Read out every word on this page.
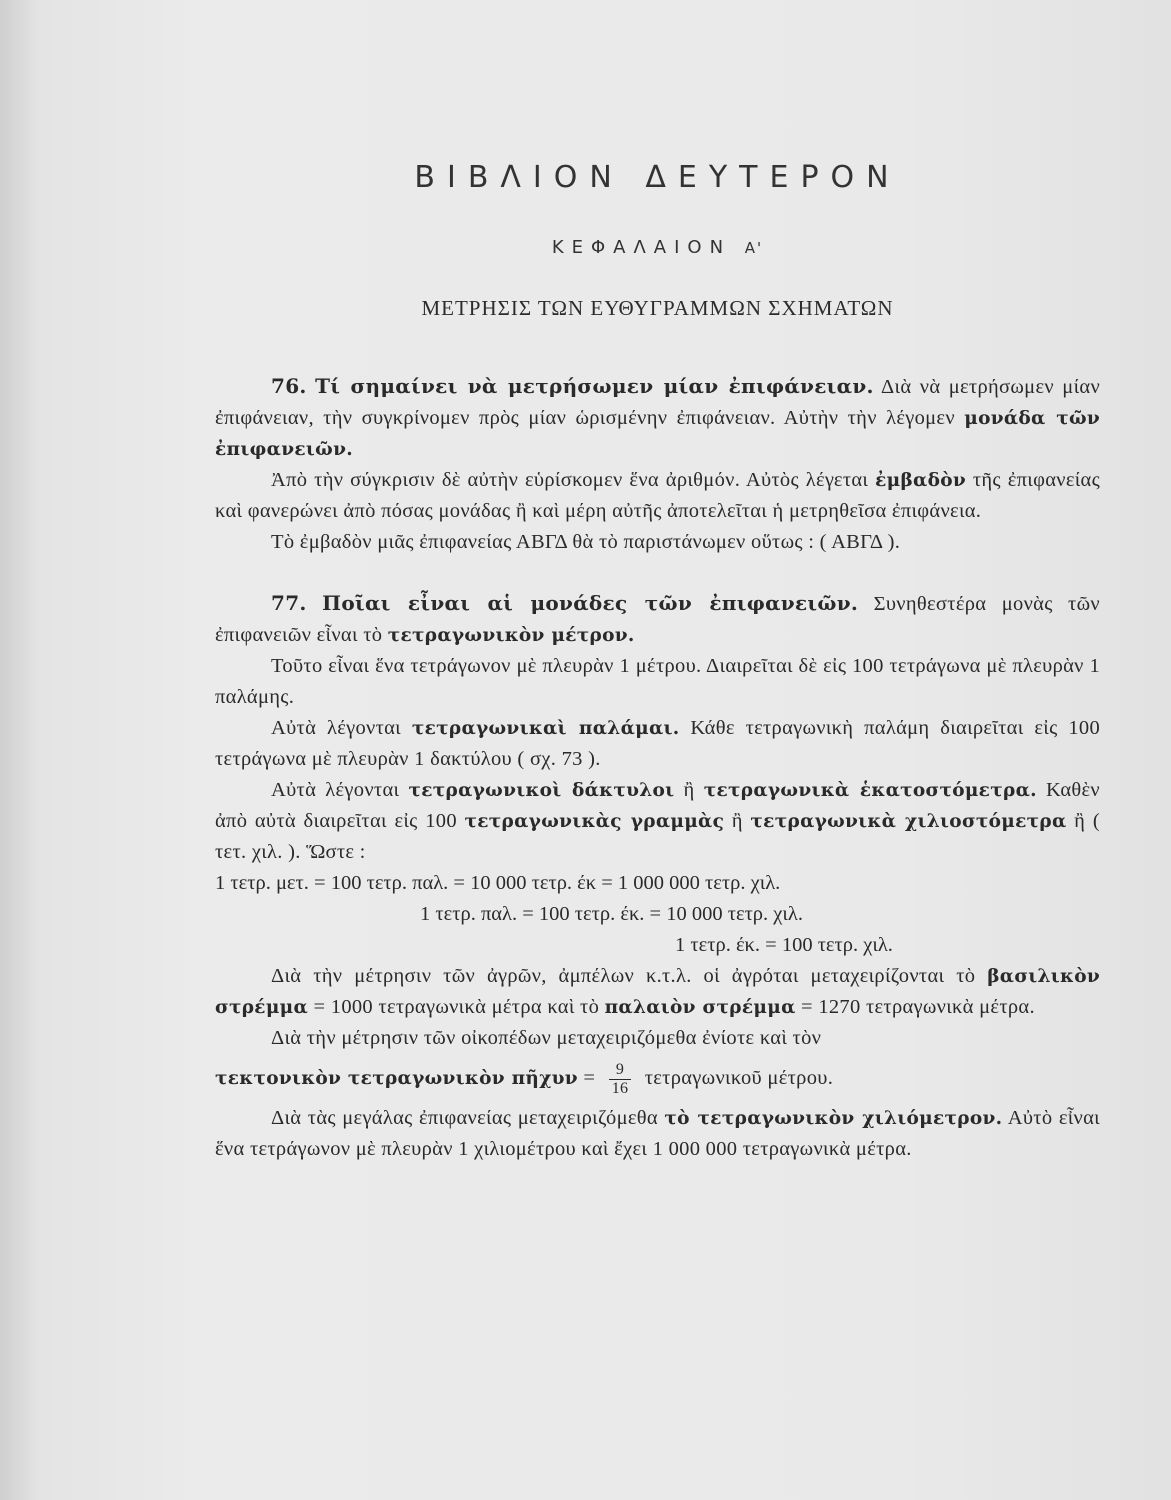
ΒΙΒΛΙΟΝ ΔΕΥΤΕΡΟΝ
ΚΕΦΑΛΑΙΟΝ Α'
ΜΕΤΡΗΣΙΣ ΤΩΝ ΕΥΘΥΓΡΑΜΜΩΝ ΣΧΗΜΑΤΩΝ

76. Τί σημαίνει νὰ μετρήσωμεν μίαν ἐπιφάνειαν. Διὰ νὰ μετρήσωμεν μίαν ἐπιφάνειαν, τὴν συγκρίνομεν πρὸς μίαν ὡρισμένην ἐπιφάνειαν. Αὐτὴν τὴν λέγομεν μονάδα τῶν ἐπιφανειῶν.

Ἀπὸ τὴν σύγκρισιν δὲ αὐτὴν εὑρίσκομεν ἕνα ἀριθμόν. Αὐτὸς λέγεται ἐμβαδὸν τῆς ἐπιφανείας καὶ φανερώνει ἀπὸ πόσας μονάδας ἢ καὶ μέρη αὐτῆς ἀποτελεῖται ἡ μετρηθεῖσα ἐπιφάνεια.

Τὸ ἐμβαδὸν μιᾶς ἐπιφανείας ΑΒΓΔ θὰ τὸ παριστάνωμεν οὕτως : ( ΑΒΓΔ ).

77. Ποῖαι εἶναι αἱ μονάδες τῶν ἐπιφανειῶν. Συνηθεστέρα μονὰς τῶν ἐπιφανειῶν εἶναι τὸ τετραγωνικὸν μέτρον.

Τοῦτο εἶναι ἕνα τετράγωνον μὲ πλευρὰν 1 μέτρου. Διαιρεῖται δὲ εἰς 100 τετράγωνα μὲ πλευρὰν 1 παλάμης.

Αὐτὰ λέγονται τετραγωνικαὶ παλάμαι. Κάθε τετραγωνικὴ παλάμη διαιρεῖται εἰς 100 τετράγωνα μὲ πλευρὰν 1 δακτύλου ( σχ. 73 ).

Αὐτὰ λέγονται τετραγωνικοὶ δάκτυλοι ἢ τετραγωνικὰ ἑκατοστόμετρα. Καθὲν ἀπὸ αὐτὰ διαιρεῖται εἰς 100 τετραγωνικὰς γραμμὰς ἢ τετραγωνικὰ χιλιοστόμετρα ἢ ( τετ. χιλ. ). Ὥστε :

1 τετρ. μετ. = 100 τετρ. παλ. = 10 000 τετρ. έκ = 1 000 000 τετρ. χιλ.
1 τετρ. παλ. = 100 τετρ. έκ. = 10 000 τετρ. χιλ.
1 τετρ. έκ. = 100 τετρ. χιλ.

Διὰ τὴν μέτρησιν τῶν ἀγρῶν, ἀμπέλων κ.τ.λ. οἱ ἀγρόται μεταχειρίζονται τὸ βασιλικὸν στρέμμα = 1000 τετραγωνικὰ μέτρα καὶ τὸ παλαιὸν στρέμμα = 1270 τετραγωνικὰ μέτρα.

Διὰ τὴν μέτρησιν τῶν οἰκοπέδων μεταχειριζόμεθα ἐνίοτε καὶ τὸν

τεκτονικὸν τετραγωνικὸν πῆχυν = $\frac{9}{16}$ τετραγωνικοῦ μέτρου.

Διὰ τὰς μεγάλας ἐπιφανείας μεταχειριζόμεθα τὸ τετραγωνικὸν χιλιόμετρον. Αὐτὸ εἶναι ἕνα τετράγωνον μὲ πλευρὰν 1 χιλιομέτρου καὶ ἔχει 1 000 000 τετραγωνικὰ μέτρα.
